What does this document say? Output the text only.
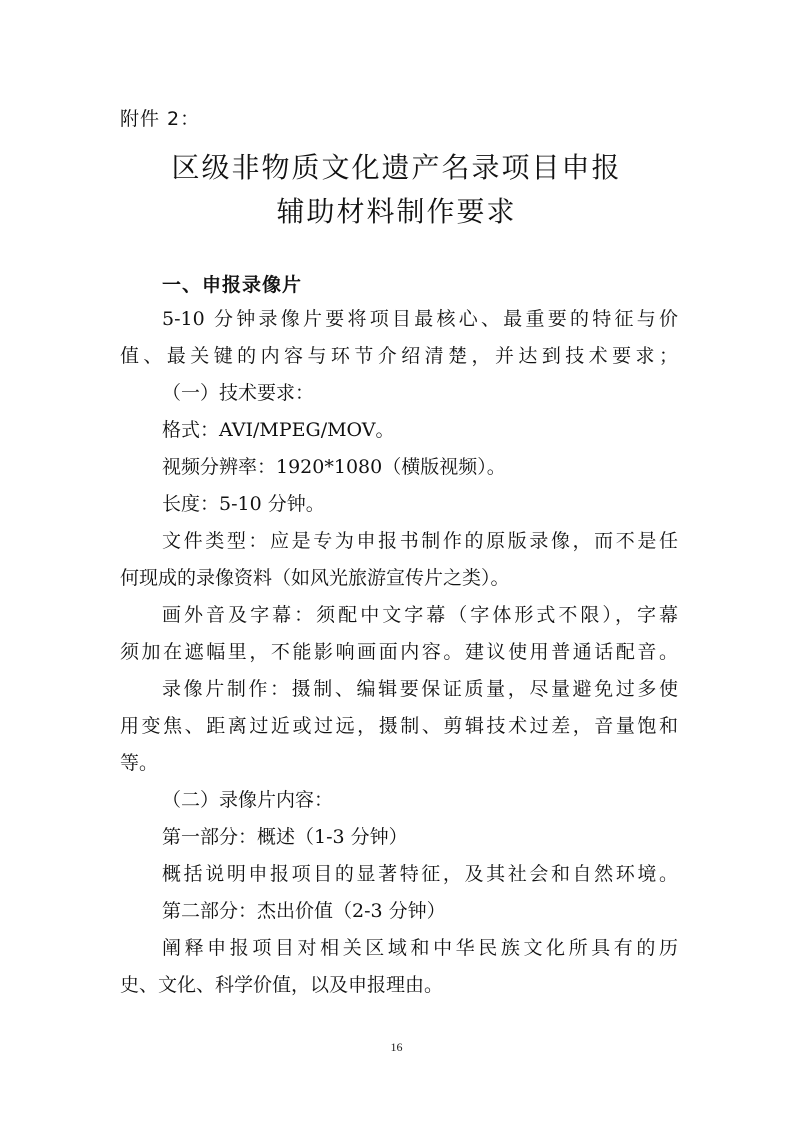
附件 2：
区级非物质文化遗产名录项目申报
辅助材料制作要求
一、申报录像片
5-10 分钟录像片要将项目最核心、最重要的特征与价
值、最关键的内容与环节介绍清楚，并达到技术要求；
（一）技术要求：
格式：AVI/MPEG/MOV。
视频分辨率：1920*1080（横版视频）。
长度：5-10 分钟。
文件类型：应是专为申报书制作的原版录像，而不是任
何现成的录像资料（如风光旅游宣传片之类）。
画外音及字幕：须配中文字幕（字体形式不限），字幕
须加在遮幅里，不能影响画面内容。建议使用普通话配音。
录像片制作：摄制、编辑要保证质量，尽量避免过多使
用变焦、距离过近或过远，摄制、剪辑技术过差，音量饱和
等。
（二）录像片内容：
第一部分：概述（1-3 分钟）
概括说明申报项目的显著特征，及其社会和自然环境。
第二部分：杰出价值（2-3 分钟）
阐释申报项目对相关区域和中华民族文化所具有的历
史、文化、科学价值，以及申报理由。
16
